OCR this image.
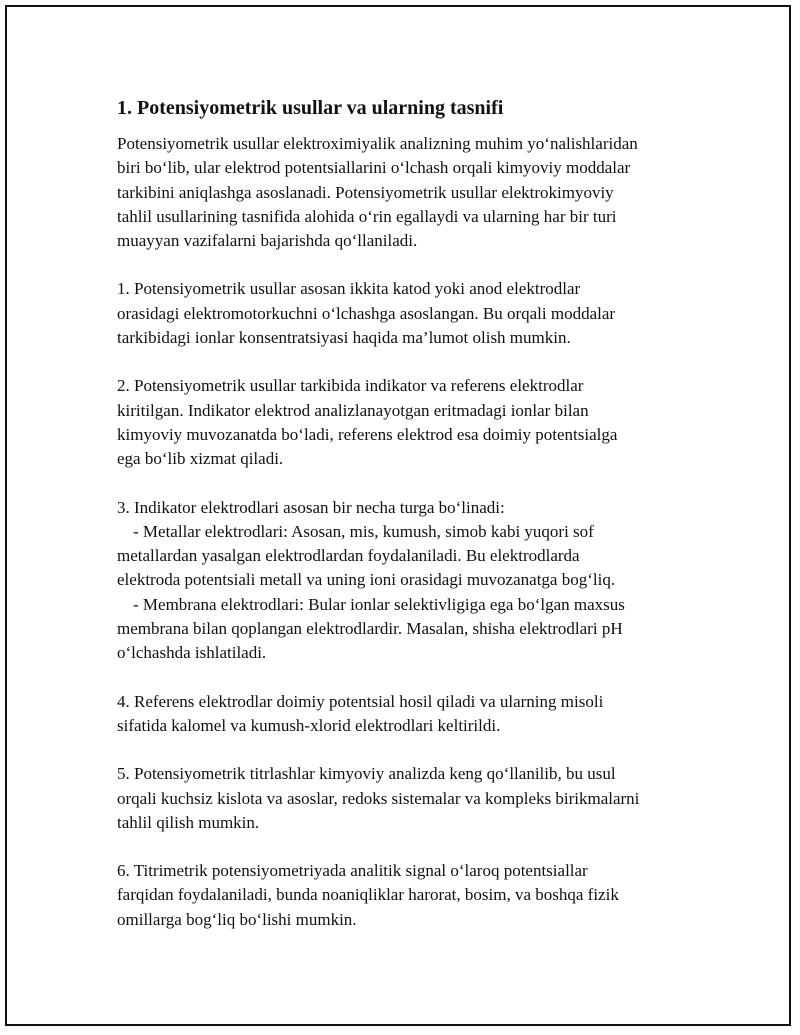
1. Potensiyometrik usullar va ularning tasnifi

Potensiyometrik usullar elektroximiyalik analizning muhim yo‘nalishlaridan

biri bo‘lib, ular elektrod potentsiallarini o‘lchash orqali kimyoviy moddalar

tarkibini aniqlashga asoslanadi. Potensiyometrik usullar elektrokimyoviy

tahlil usullarining tasnifida alohida o‘rin egallaydi va ularning har bir turi

muayyan vazifalarni bajarishda qo‘llaniladi.

1. Potensiyometrik usullar asosan ikkita katod yoki anod elektrodlar

orasidagi elektromotorkuchni o‘lchashga asoslangan. Bu orqali moddalar

tarkibidagi ionlar konsentratsiyasi haqida ma’lumot olish mumkin.

2. Potensiyometrik usullar tarkibida indikator va referens elektrodlar

kiritilgan. Indikator elektrod analizlanayotgan eritmadagi ionlar bilan

kimyoviy muvozanatda bo‘ladi, referens elektrod esa doimiy potentsialga

ega bo‘lib xizmat qiladi.

3. Indikator elektrodlari asosan bir necha turga bo‘linadi:

- Metallar elektrodlari: Asosan, mis, kumush, simob kabi yuqori sof

metallardan yasalgan elektrodlardan foydalaniladi. Bu elektrodlarda

elektroda potentsiali metall va uning ioni orasidagi muvozanatga bog‘liq.

- Membrana elektrodlari: Bular ionlar selektivligiga ega bo‘lgan maxsus

membrana bilan qoplangan elektrodlardir. Masalan, shisha elektrodlari pH

o‘lchashda ishlatiladi.

4. Referens elektrodlar doimiy potentsial hosil qiladi va ularning misoli

sifatida kalomel va kumush-xlorid elektrodlari keltirildi.

5. Potensiyometrik titrlashlar kimyoviy analizda keng qo‘llanilib, bu usul

orqali kuchsiz kislota va asoslar, redoks sistemalar va kompleks birikmalarni

tahlil qilish mumkin.

6. Titrimetrik potensiyometriyada analitik signal o‘laroq potentsiallar

farqidan foydalaniladi, bunda noaniqliklar harorat, bosim, va boshqa fizik

omillarga bog‘liq bo‘lishi mumkin.
